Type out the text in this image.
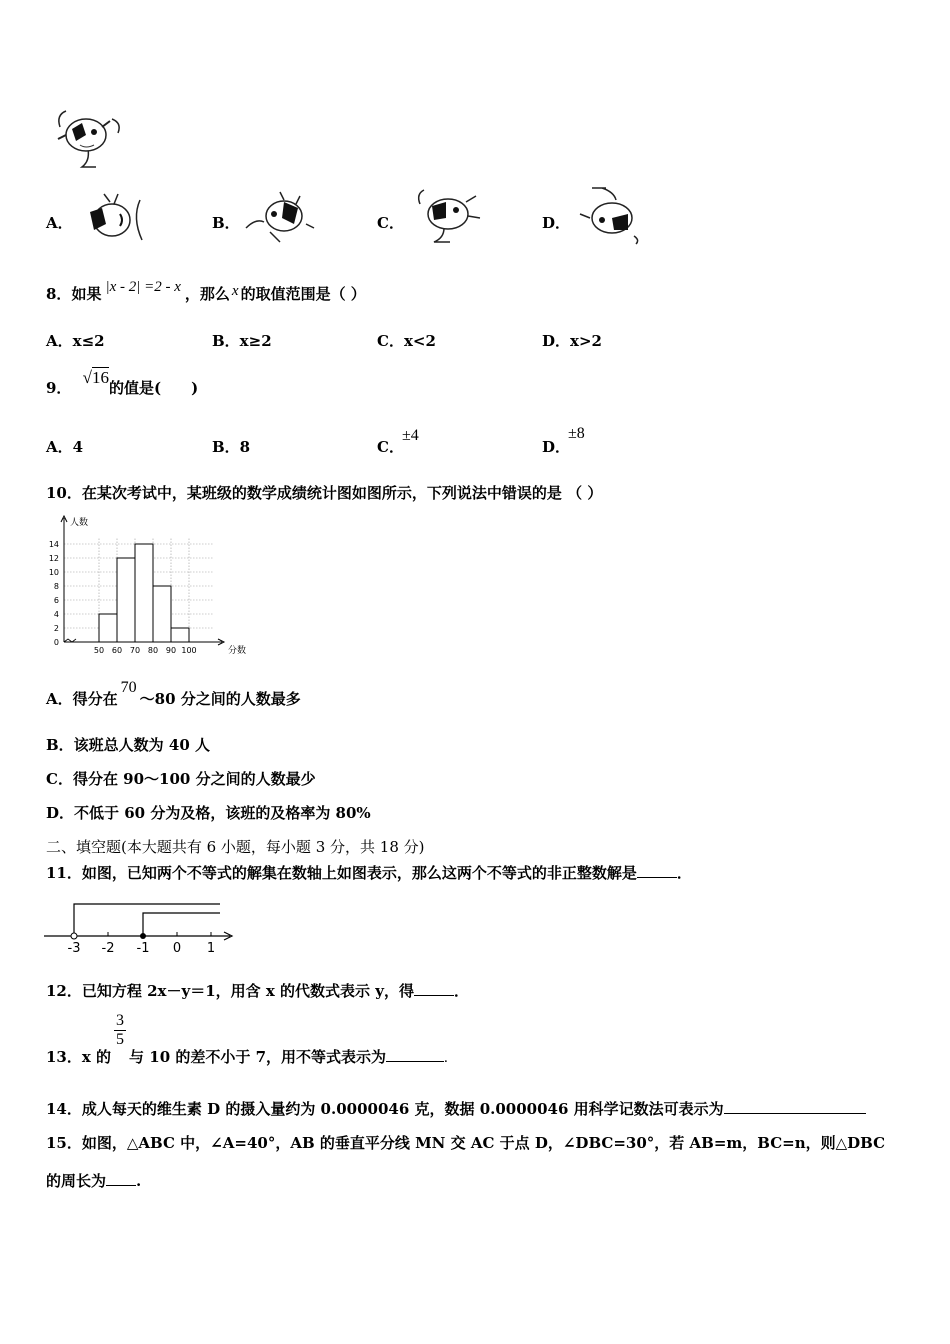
A．	B．	C．	D．
8．如果 |x - 2| =2 - x ，那么 x 的取值范围是（ ）
A．x≤2	B．x≥2	C．x<2	D．x>2
9． √16的值是(　　)
A．4	B．8	C．±4
D．±8
10．在某次考试中，某班级的数学成绩统计图如图所示，下列说法中错误的是 （ ）
0
2
4
6
8
10
12
14
50 60 70 80 90 100
人数
分数
A．得分在70～80 分之间的人数最多
B．该班总人数为 40 人
C．得分在 90～100 分之间的人数最少
D．不低于 60 分为及格，该班的及格率为 80%
二、填空题(本大题共有 6 小题，每小题 3 分，共 18 分)
11．如图，已知两个不等式的解集在数轴上如图表示，那么这两个不等式的非正整数解是	．
-3 -2 -1 0 1
12．已知方程 2x－y＝1，用含 x 的代数式表示 y，得	．
13．x 的
$\frac{3}{5}$
与 10 的差不小于 7，用不等式表示为	.
14．成人每天的维生素 D 的摄入量约为 0.0000046 克，数据 0.0000046 用科学记数法可表示为
15．如图，△ABC 中，∠A=40°，AB 的垂直平分线 MN 交 AC 于点 D，∠DBC=30°，若 AB=m，BC=n，则△DBC
的周长为 .
